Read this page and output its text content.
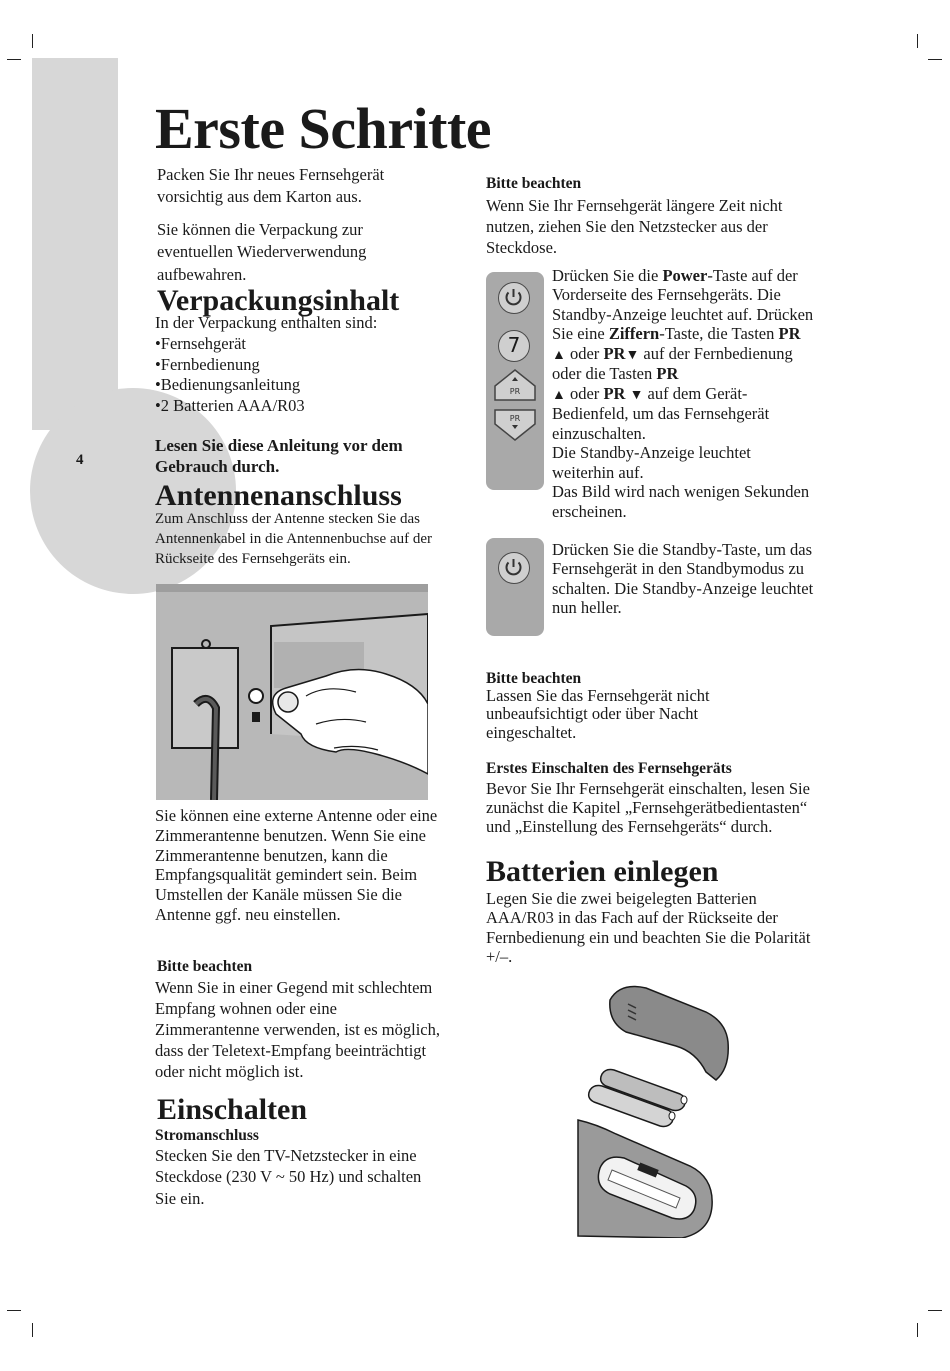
4
Erste Schritte

Packen Sie Ihr neues Fernsehgerät vorsichtig aus dem Karton aus.

Sie können die Verpackung zur eventuellen Wiederverwendung aufbewahren.

Verpackungsinhalt

In der Verpackung enthalten sind:

• Fernsehgerät
• Fernbedienung
• Bedienungsanleitung
• 2 Batterien AAA/R03

Lesen Sie diese Anleitung vor dem Gebrauch durch.

Antennenanschluss

Zum Anschluss der Antenne stecken Sie das Antennenkabel in die Antennenbuchse auf der Rückseite des Fernsehgeräts ein.

Sie können eine externe Antenne oder eine Zimmerantenne benutzen. Wenn Sie eine Zimmerantenne benutzen, kann die Empfangsqualität gemindert sein. Beim Umstellen der Kanäle müssen Sie die Antenne ggf. neu einstellen.

Bitte beachten

Wenn Sie in einer Gegend mit schlechtem Empfang wohnen oder eine Zimmerantenne verwenden, ist es möglich, dass der Teletext-Empfang beeinträchtigt oder nicht möglich ist.

Einschalten

Stromanschluss

Stecken Sie den TV-Netzstecker in eine Steckdose (230 V ~ 50 Hz) und schalten Sie ein.

Bitte beachten

Wenn Sie Ihr Fernsehgerät längere Zeit nicht nutzen, ziehen Sie den Netzstecker aus der Steckdose.

7
PR
PR
Drücken Sie die Power-Taste auf der Vorderseite des Fernsehgeräts. Die Standby-Anzeige leuchtet auf. Drücken Sie eine Ziffern-Taste, die Tasten PR ▲ oder PR▼ auf der Fernbedienung oder die Tasten PR
▲ oder PR ▼ auf dem Gerät-Bedienfeld, um das Fernsehgerät einzuschalten.
Die Standby-Anzeige leuchtet weiterhin auf.
Das Bild wird nach wenigen Sekunden erscheinen.
Drücken Sie die Standby-Taste, um das Fernsehgerät in den Standbymodus zu schalten. Die Standby-Anzeige leuchtet nun heller.

Bitte beachten

Lassen Sie das Fernsehgerät nicht unbeaufsichtigt oder über Nacht eingeschaltet.

Erstes Einschalten des Fernsehgeräts

Bevor Sie Ihr Fernsehgerät einschalten, lesen Sie zunächst die Kapitel „Fernsehgerätbedientasten“ und „Einstellung des Fernsehgeräts“ durch.

Batterien einlegen

Legen Sie die zwei beigelegten Batterien AAA/R03 in das Fach auf der Rückseite der Fernbedienung ein und beachten Sie die Polarität +/–.
